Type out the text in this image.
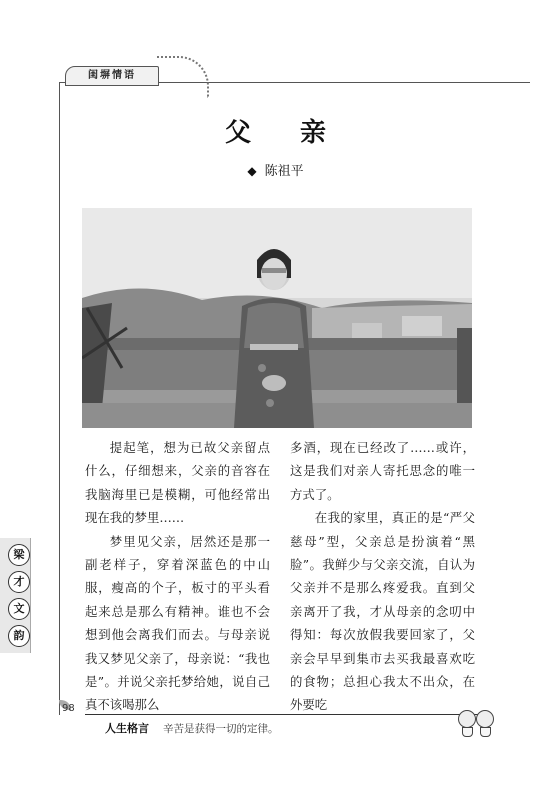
闺塀情语
父 亲
◆ 陈祖平

提起笔，想为已故父亲留点什么，仔细想来，父亲的音容在我脑海里已是模糊，可他经常出现在我的梦里……

梦里见父亲，居然还是那一副老样子，穿着深蓝色的中山服，瘦高的个子，板寸的平头看起来总是那么有精神。谁也不会想到他会离我们而去。与母亲说我又梦见父亲了，母亲说：“我也是”。并说父亲托梦给她，说自己真不该喝那么

多酒，现在已经改了……或许，这是我们对亲人寄托思念的唯一方式了。

在我的家里，真正的是“严父慈母”型，父亲总是扮演着“黑脸”。我鲜少与父亲交流，自认为父亲并不是那么疼爱我。直到父亲离开了我，才从母亲的念叨中得知：每次放假我要回家了，父亲会早早到集市去买我最喜欢吃的食物；总担心我太不出众，在外要吃

梁
才
文
韵
98
人生格言 辛苦是获得一切的定律。
